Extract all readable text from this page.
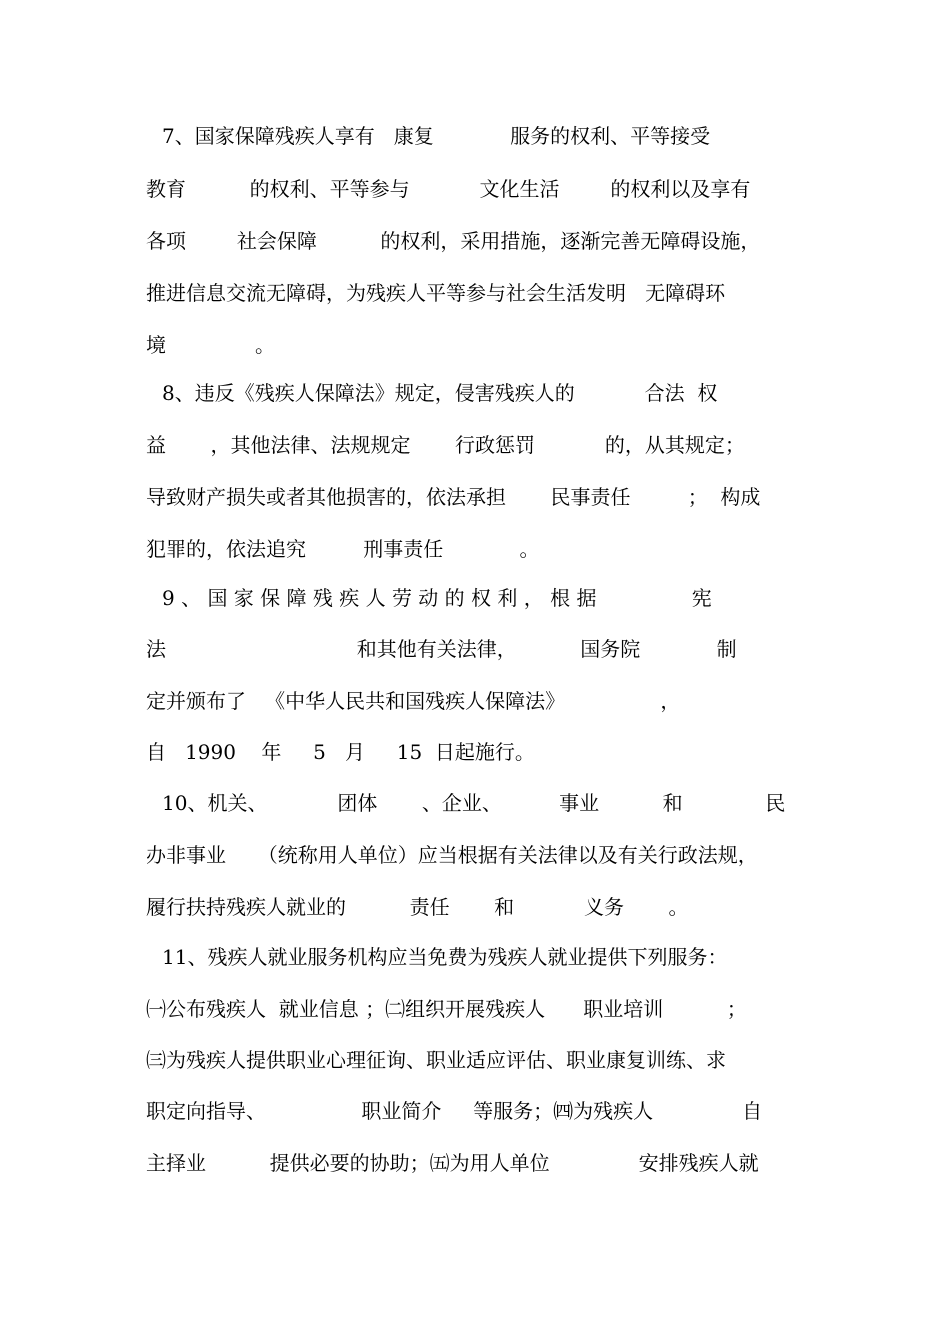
7、国家保障残疾人享有   康复            服务的权利、平等接受
教育          的权利、平等参与           文化生活        的权利以及享有
各项        社会保障          的权利，采用措施，逐渐完善无障碍设施，
推进信息交流无障碍，为残疾人平等参与社会生活发明   无障碍环
境              。
8、违反《残疾人保障法》规定，侵害残疾人的           合法  权
益       ，其他法律、法规规定       行政惩罚           的，从其规定；
导致财产损失或者其他损害的，依法承担       民事责任         ；  构成
犯罪的，依法追究         刑事责任            。
9 、 国 家 保 障 残 疾 人 劳 动 的 权 利 ， 根 据               宪
法                              和其他有关法律，          国务院            制
定并颁布了   《中华人民共和国残疾人保障法》               ，
自   1990    年     5   月     15  日起施行。
10、机关、           团体       、企业、         事业          和             民
办非事业     （统称用人单位）应当根据有关法律以及有关行政法规，
履行扶持残疾人就业的          责任       和           义务       。
11、残疾人就业服务机构应当免费为残疾人就业提供下列服务：
㈠公布残疾人  就业信息 ；㈡组织开展残疾人      职业培训          ；
㈢为残疾人提供职业心理征询、职业适应评估、职业康复训练、求
职定向指导、               职业简介     等服务；㈣为残疾人              自
主择业          提供必要的协助；㈤为用人单位              安排残疾人就
